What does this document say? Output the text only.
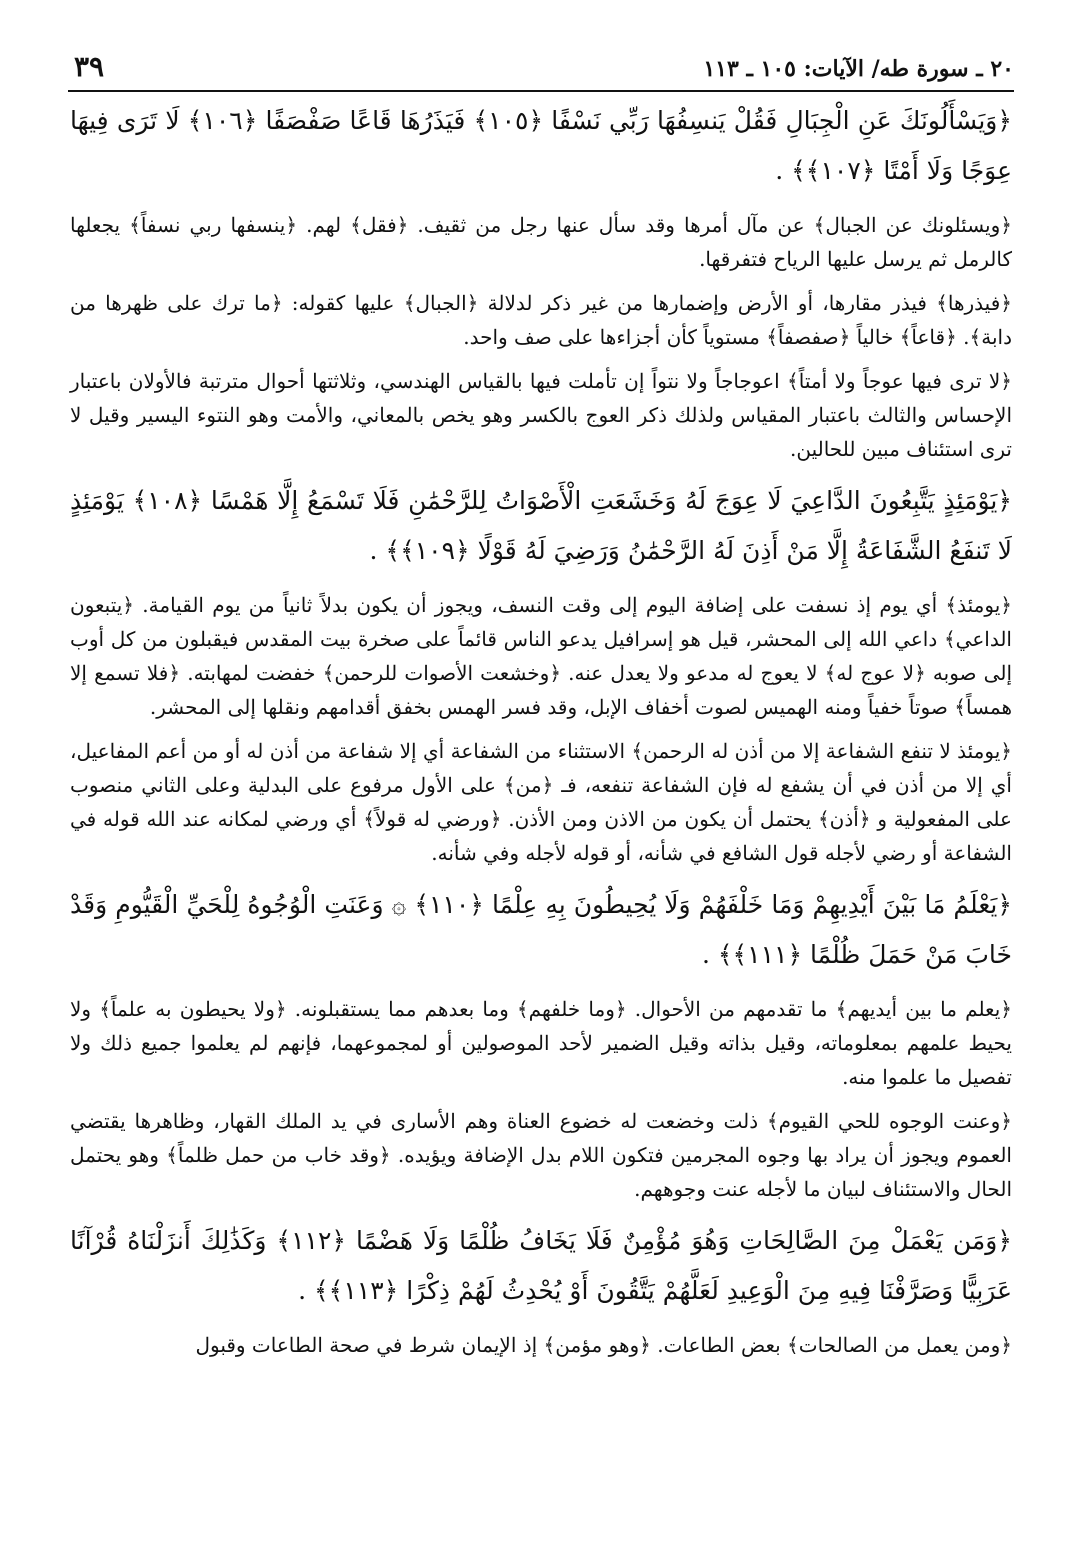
٢٠ ـ سورة طه/ الآيات: ١٠٥ ـ ١١٣
٣٩
﴿وَيَسْأَلُونَكَ عَنِ الْجِبَالِ فَقُلْ يَنسِفُهَا رَبِّي نَسْفًا ﴿١٠٥﴾ فَيَذَرُهَا قَاعًا صَفْصَفًا ﴿١٠٦﴾ لَا تَرَى فِيهَا عِوَجًا وَلَا أَمْتًا ﴿١٠٧﴾﴾ .
﴿ويسئلونك عن الجبال﴾ عن مآل أمرها وقد سأل عنها رجل من ثقيف. ﴿فقل﴾ لهم. ﴿ينسفها ربي نسفاً﴾ يجعلها كالرمل ثم يرسل عليها الرياح فتفرقها.
﴿فيذرها﴾ فيذر مقارها، أو الأرض وإضمارها من غير ذكر لدلالة ﴿الجبال﴾ عليها كقوله: ﴿ما ترك على ظهرها من دابة﴾. ﴿قاعاً﴾ خالياً ﴿صفصفاً﴾ مستوياً كأن أجزاءها على صف واحد.
﴿لا ترى فيها عوجاً ولا أمتاً﴾ اعوجاجاً ولا نتواً إن تأملت فيها بالقياس الهندسي، وثلاثتها أحوال مترتبة فالأولان باعتبار الإحساس والثالث باعتبار المقياس ولذلك ذكر العوج بالكسر وهو يخص بالمعاني، والأمت وهو النتوء اليسير وقيل لا ترى استئناف مبين للحالين.
﴿يَوْمَئِذٍ يَتَّبِعُونَ الدَّاعِيَ لَا عِوَجَ لَهُ وَخَشَعَتِ الْأَصْوَاتُ لِلرَّحْمَٰنِ فَلَا تَسْمَعُ إِلَّا هَمْسًا ﴿١٠٨﴾ يَوْمَئِذٍ لَا تَنفَعُ الشَّفَاعَةُ إِلَّا مَنْ أَذِنَ لَهُ الرَّحْمَٰنُ وَرَضِيَ لَهُ قَوْلًا ﴿١٠٩﴾﴾ .
﴿يومئذ﴾ أي يوم إذ نسفت على إضافة اليوم إلى وقت النسف، ويجوز أن يكون بدلاً ثانياً من يوم القيامة. ﴿يتبعون الداعي﴾ داعي الله إلى المحشر، قيل هو إسرافيل يدعو الناس قائماً على صخرة بيت المقدس فيقبلون من كل أوب إلى صوبه ﴿لا عوج له﴾ لا يعوج له مدعو ولا يعدل عنه. ﴿وخشعت الأصوات للرحمن﴾ خفضت لمهابته. ﴿فلا تسمع إلا همساً﴾ صوتاً خفياً ومنه الهميس لصوت أخفاف الإبل، وقد فسر الهمس بخفق أقدامهم ونقلها إلى المحشر.
﴿يومئذ لا تنفع الشفاعة إلا من أذن له الرحمن﴾ الاستثناء من الشفاعة أي إلا شفاعة من أذن له أو من أعم المفاعيل، أي إلا من أذن في أن يشفع له فإن الشفاعة تنفعه، فـ ﴿من﴾ على الأول مرفوع على البدلية وعلى الثاني منصوب على المفعولية و ﴿أذن﴾ يحتمل أن يكون من الاذن ومن الأذن. ﴿ورضي له قولاً﴾ أي ورضي لمكانه عند الله قوله في الشفاعة أو رضي لأجله قول الشافع في شأنه، أو قوله لأجله وفي شأنه.
﴿يَعْلَمُ مَا بَيْنَ أَيْدِيهِمْ وَمَا خَلْفَهُمْ وَلَا يُحِيطُونَ بِهِ عِلْمًا ﴿١١٠﴾ ۞ وَعَنَتِ الْوُجُوهُ لِلْحَيِّ الْقَيُّومِ وَقَدْ خَابَ مَنْ حَمَلَ ظُلْمًا ﴿١١١﴾﴾ .
﴿يعلم ما بين أيديهم﴾ ما تقدمهم من الأحوال. ﴿وما خلفهم﴾ وما بعدهم مما يستقبلونه. ﴿ولا يحيطون به علماً﴾ ولا يحيط علمهم بمعلوماته، وقيل بذاته وقيل الضمير لأحد الموصولين أو لمجموعهما، فإنهم لم يعلموا جميع ذلك ولا تفصيل ما علموا منه.
﴿وعنت الوجوه للحي القيوم﴾ ذلت وخضعت له خضوع العناة وهم الأسارى في يد الملك القهار، وظاهرها يقتضي العموم ويجوز أن يراد بها وجوه المجرمين فتكون اللام بدل الإضافة ويؤيده. ﴿وقد خاب من حمل ظلماً﴾ وهو يحتمل الحال والاستئناف لبيان ما لأجله عنت وجوههم.
﴿وَمَن يَعْمَلْ مِنَ الصَّالِحَاتِ وَهُوَ مُؤْمِنٌ فَلَا يَخَافُ ظُلْمًا وَلَا هَضْمًا ﴿١١٢﴾ وَكَذَٰلِكَ أَنزَلْنَاهُ قُرْآنًا عَرَبِيًّا وَصَرَّفْنَا فِيهِ مِنَ الْوَعِيدِ لَعَلَّهُمْ يَتَّقُونَ أَوْ يُحْدِثُ لَهُمْ ذِكْرًا ﴿١١٣﴾﴾ .
﴿ومن يعمل من الصالحات﴾ بعض الطاعات. ﴿وهو مؤمن﴾ إذ الإيمان شرط في صحة الطاعات وقبول
